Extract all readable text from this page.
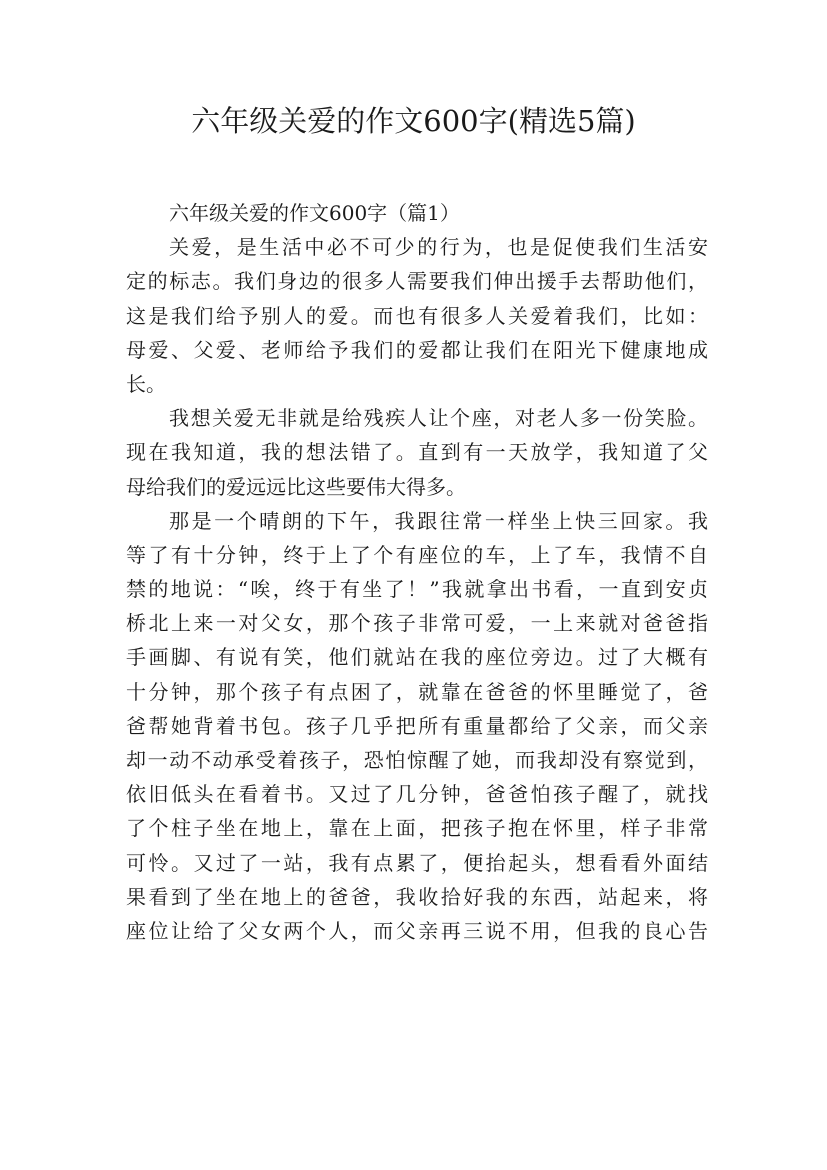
六年级关爱的作文600字(精选5篇)
六年级关爱的作文600字（篇1）
关爱，是生活中必不可少的行为，也是促使我们生活安
定的标志。我们身边的很多人需要我们伸出援手去帮助他们，
这是我们给予别人的爱。而也有很多人关爱着我们，比如：
母爱、父爱、老师给予我们的爱都让我们在阳光下健康地成
长。
我想关爱无非就是给残疾人让个座，对老人多一份笑脸。
现在我知道，我的想法错了。直到有一天放学，我知道了父
母给我们的爱远远比这些要伟大得多。
那是一个晴朗的下午，我跟往常一样坐上快三回家。我
等了有十分钟，终于上了个有座位的车，上了车，我情不自
禁的地说：“唉，终于有坐了！”我就拿出书看，一直到安贞
桥北上来一对父女，那个孩子非常可爱，一上来就对爸爸指
手画脚、有说有笑，他们就站在我的座位旁边。过了大概有
十分钟，那个孩子有点困了，就靠在爸爸的怀里睡觉了，爸
爸帮她背着书包。孩子几乎把所有重量都给了父亲，而父亲
却一动不动承受着孩子，恐怕惊醒了她，而我却没有察觉到，
依旧低头在看着书。又过了几分钟，爸爸怕孩子醒了，就找
了个柱子坐在地上，靠在上面，把孩子抱在怀里，样子非常
可怜。又过了一站，我有点累了，便抬起头，想看看外面结
果看到了坐在地上的爸爸，我收拾好我的东西，站起来，将
座位让给了父女两个人，而父亲再三说不用，但我的良心告
